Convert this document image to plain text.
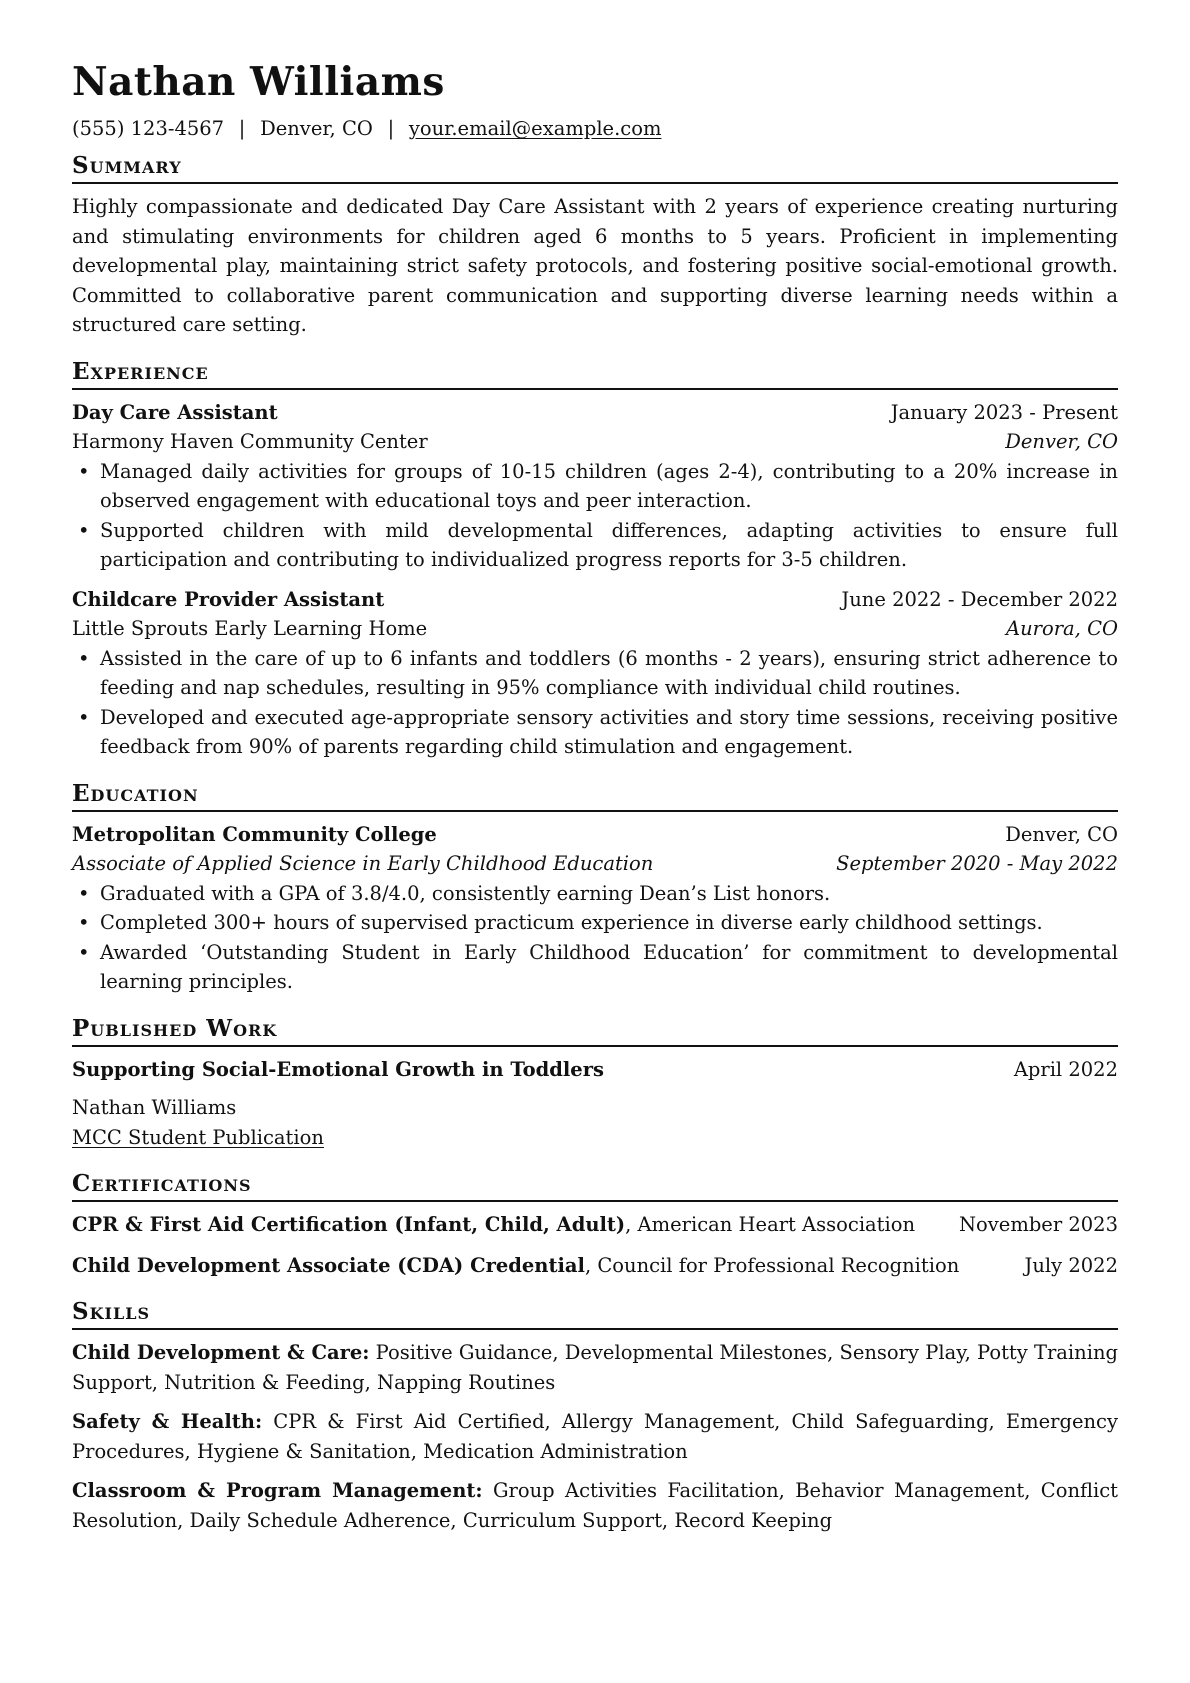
Nathan Williams
(555) 123-4567 | Denver, CO | your.email@example.com
Summary
Highly compassionate and dedicated Day Care Assistant with 2 years of experience creating nurturing and stimulating environments for children aged 6 months to 5 years. Proficient in implementing developmental play, maintaining strict safety protocols, and fostering positive social-emotional growth. Committed to collaborative parent communication and supporting diverse learning needs within a structured care setting.
Experience
Day Care Assistant	January 2023 - Present
Harmony Haven Community Center	Denver, CO
• Managed daily activities for groups of 10-15 children (ages 2-4), contributing to a 20% increase in observed engagement with educational toys and peer interaction.
• Supported children with mild developmental differences, adapting activities to ensure full participation and contributing to individualized progress reports for 3-5 children.
Childcare Provider Assistant	June 2022 - December 2022
Little Sprouts Early Learning Home	Aurora, CO
• Assisted in the care of up to 6 infants and toddlers (6 months - 2 years), ensuring strict adherence to feeding and nap schedules, resulting in 95% compliance with individual child routines.
• Developed and executed age-appropriate sensory activities and story time sessions, receiving positive feedback from 90% of parents regarding child stimulation and engagement.
Education
Metropolitan Community College	Denver, CO
Associate of Applied Science in Early Childhood Education	September 2020 - May 2022
• Graduated with a GPA of 3.8/4.0, consistently earning Dean’s List honors.
• Completed 300+ hours of supervised practicum experience in diverse early childhood settings.
• Awarded ‘Outstanding Student in Early Childhood Education’ for commitment to developmental learning principles.
Published Work
Supporting Social-Emotional Growth in Toddlers	April 2022
Nathan Williams
MCC Student Publication
Certifications
CPR & First Aid Certification (Infant, Child, Adult), American Heart Association November 2023
Child Development Associate (CDA) Credential, Council for Professional Recognition	July 2022
Skills
Child Development & Care: Positive Guidance, Developmental Milestones, Sensory Play, Potty Training Support, Nutrition & Feeding, Napping Routines
Safety & Health: CPR & First Aid Certified, Allergy Management, Child Safeguarding, Emergency Procedures, Hygiene & Sanitation, Medication Administration
Classroom & Program Management: Group Activities Facilitation, Behavior Management, Conflict Resolution, Daily Schedule Adherence, Curriculum Support, Record Keeping
